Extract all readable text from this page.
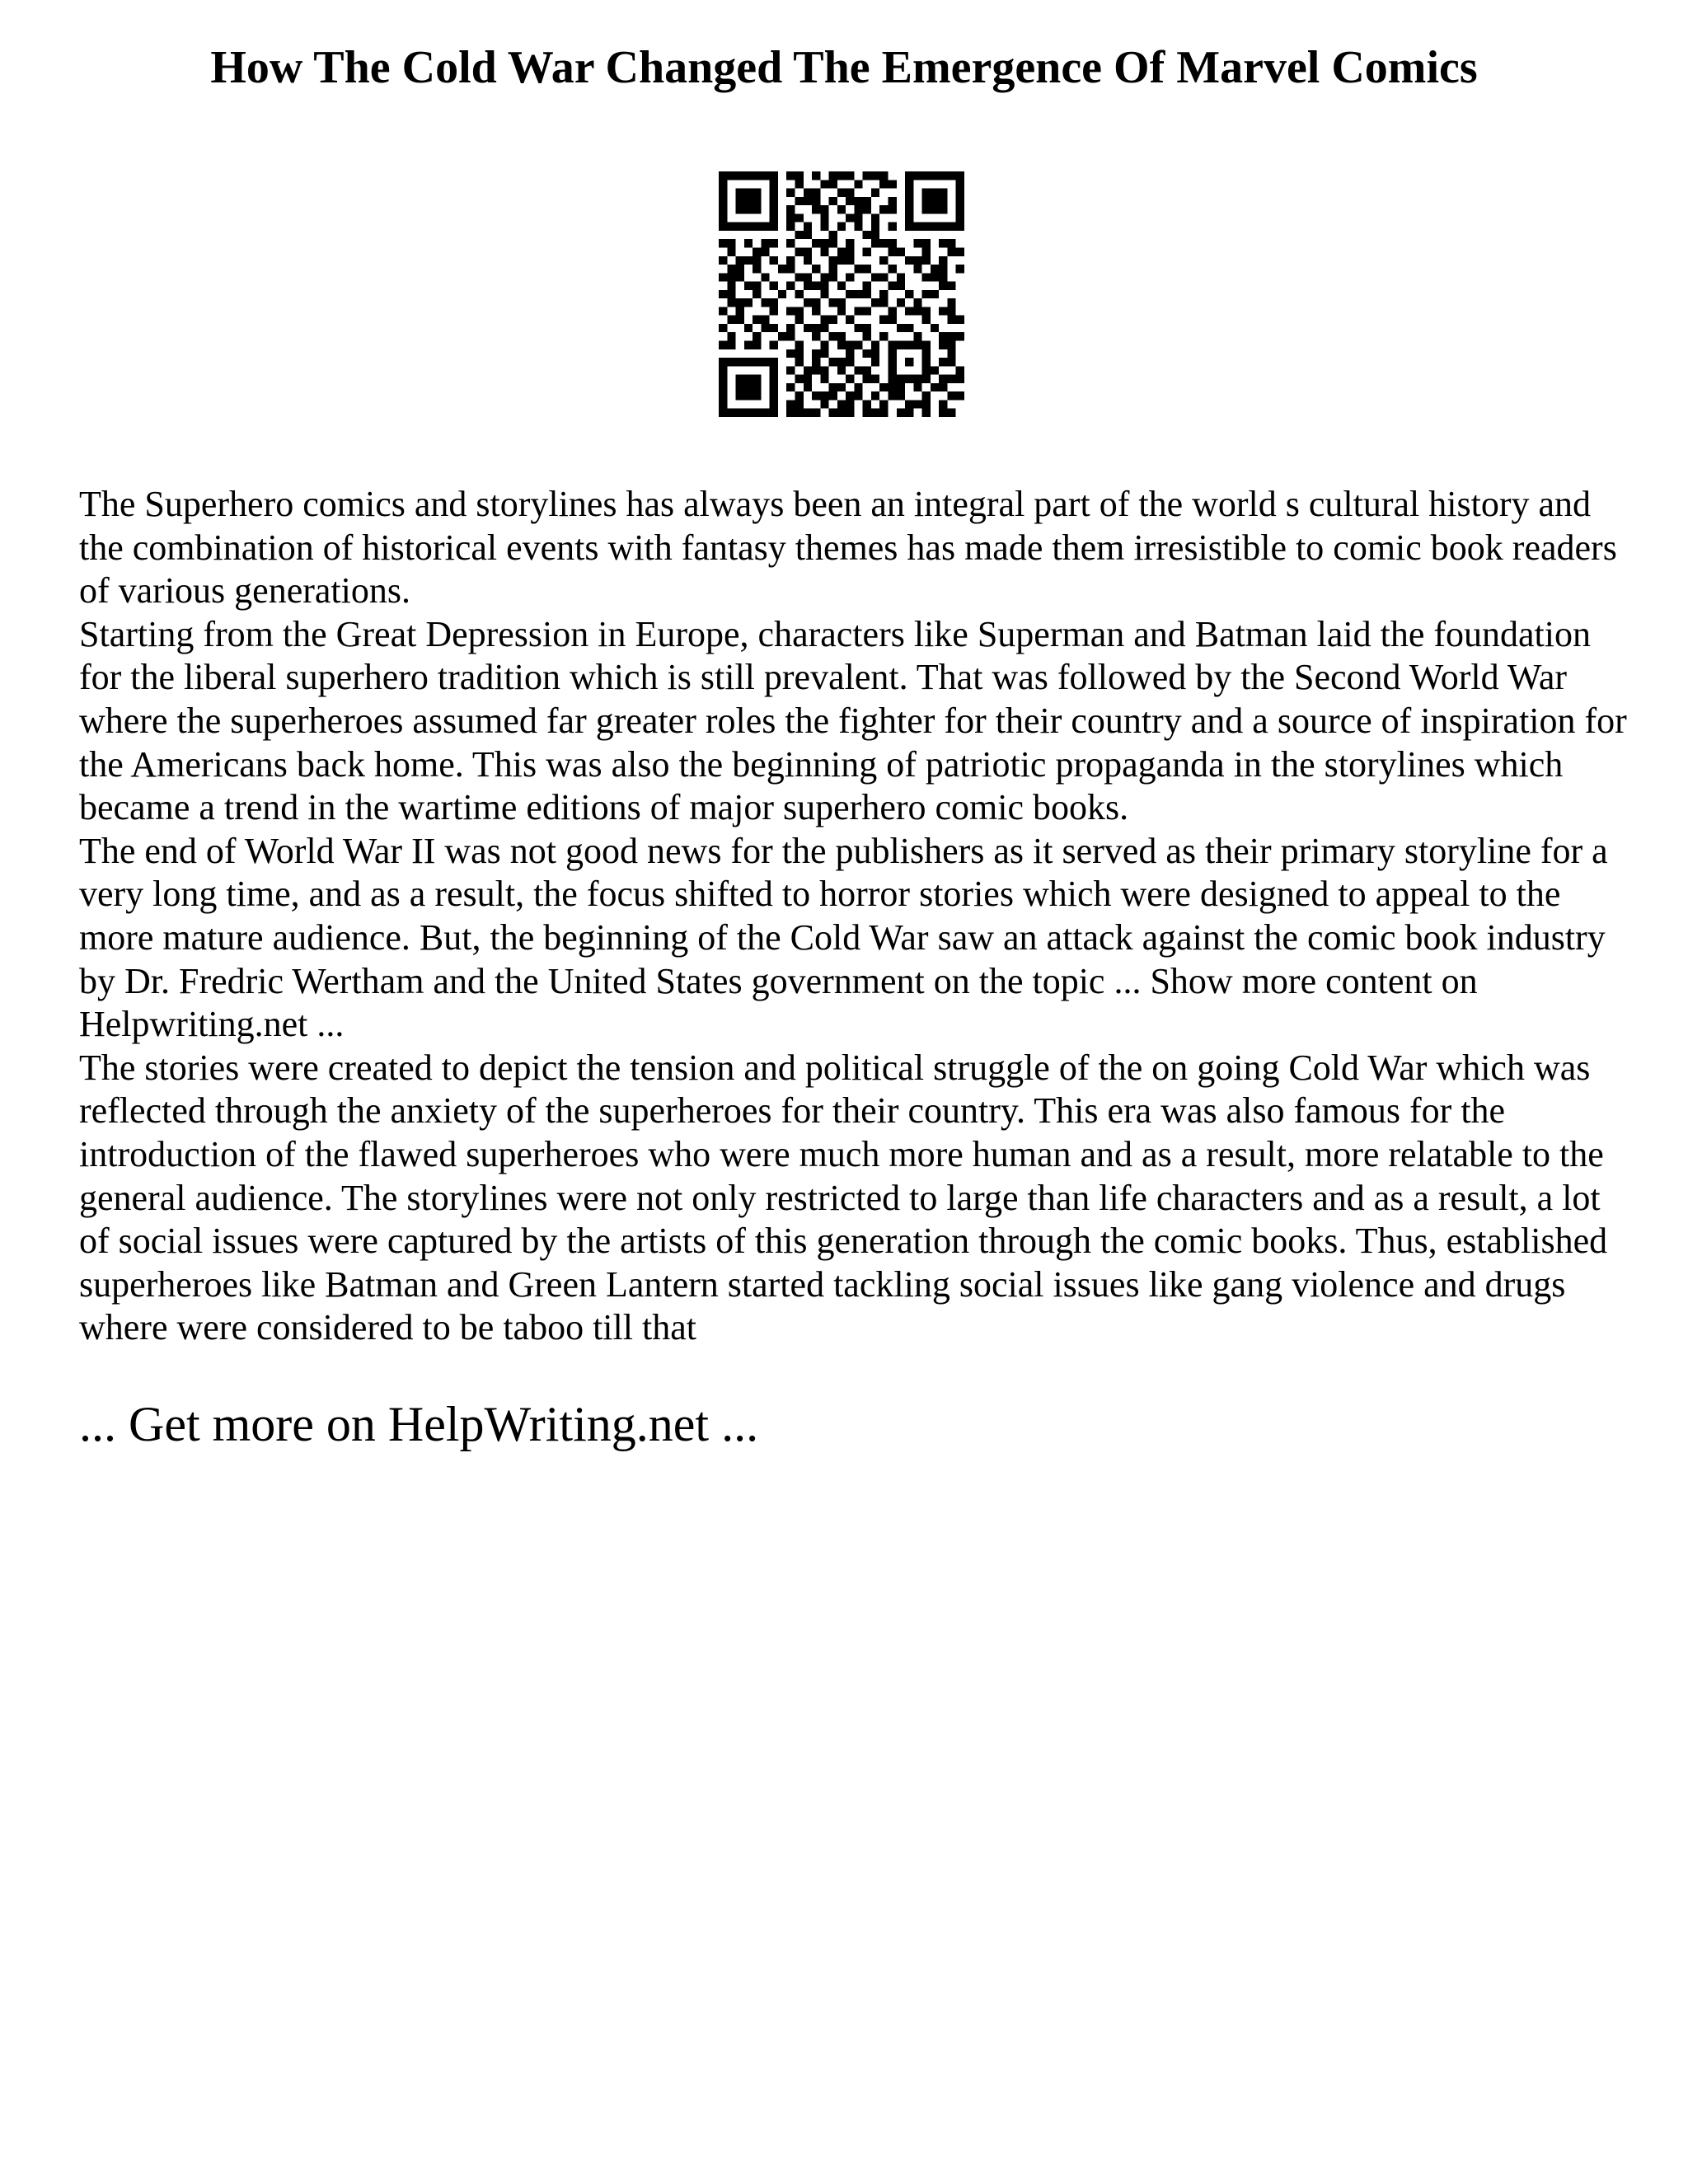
How The Cold War Changed The Emergence Of Marvel Comics

The Superhero comics and storylines has always been an integral part of the world s cultural history and the combination of historical events with fantasy themes has made them irresistible to comic book readers of various generations.

Starting from the Great Depression in Europe, characters like Superman and Batman laid the foundation for the liberal superhero tradition which is still prevalent. That was followed by the Second World War where the superheroes assumed far greater roles the fighter for their country and a source of inspiration for the Americans back home. This was also the beginning of patriotic propaganda in the storylines which became a trend in the wartime editions of major superhero comic books.

The end of World War II was not good news for the publishers as it served as their primary storyline for a very long time, and as a result, the focus shifted to horror stories which were designed to appeal to the more mature audience. But, the beginning of the Cold War saw an attack against the comic book industry by Dr. Fredric Wertham and the United States government on the topic ... Show more content on Helpwriting.net ...

The stories were created to depict the tension and political struggle of the on going Cold War which was reflected through the anxiety of the superheroes for their country. This era was also famous for the introduction of the flawed superheroes who were much more human and as a result, more relatable to the general audience. The storylines were not only restricted to large than life characters and as a result, a lot of social issues were captured by the artists of this generation through the comic books. Thus, established superheroes like Batman and Green Lantern started tackling social issues like gang violence and drugs where were considered to be taboo till that

... Get more on HelpWriting.net ...
